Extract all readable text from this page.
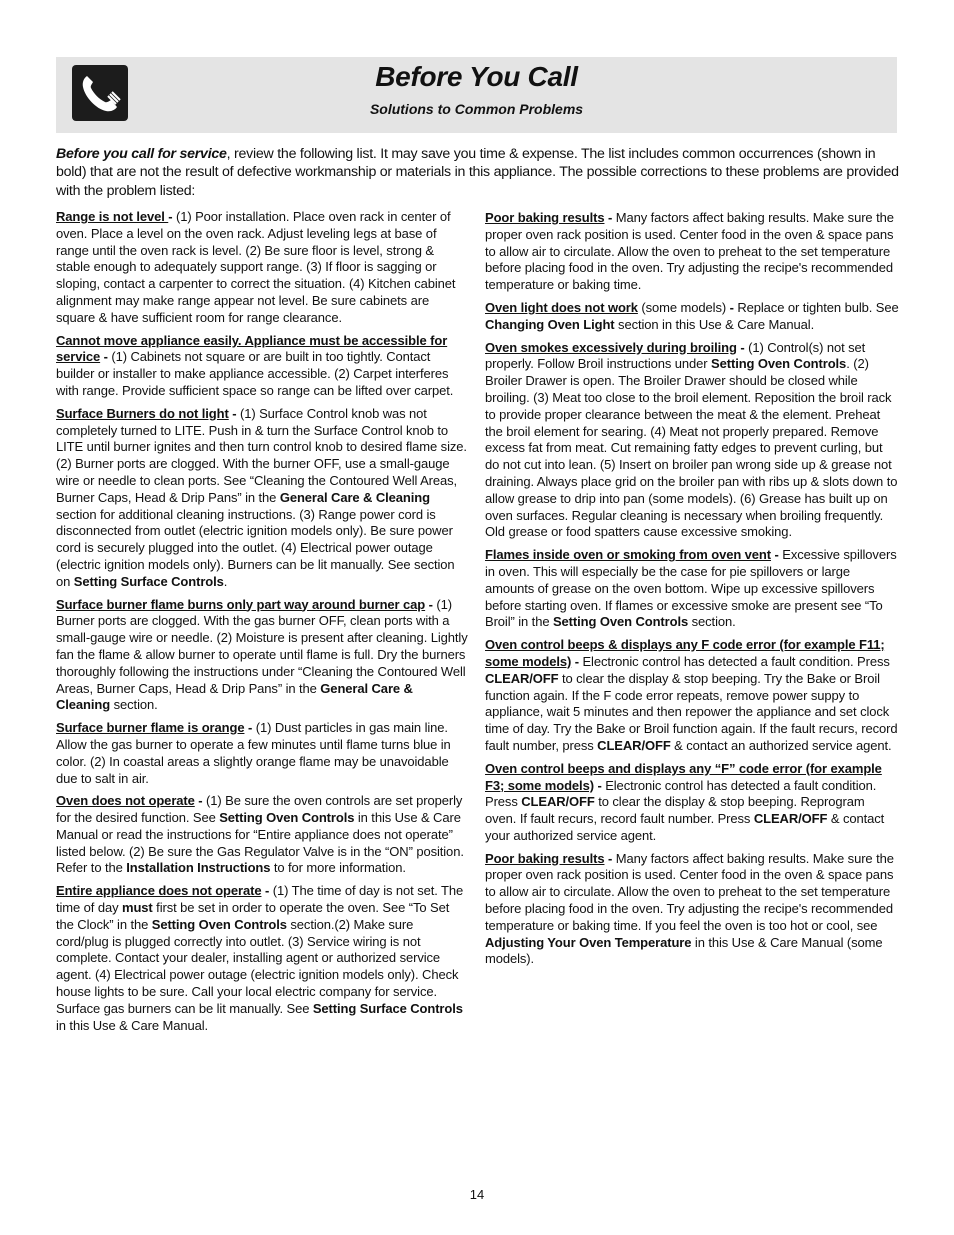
Before You Call
Solutions to Common Problems
Before you call for service, review the following list. It may save you time & expense. The list includes common occurrences (shown in bold) that are not the result of defective workmanship or materials in this appliance. The possible corrections to these problems are provided with the problem listed:

Range is not level - (1) Poor installation. Place oven rack in center of oven. Place a level on the oven rack. Adjust leveling legs at base of range until the oven rack is level. (2) Be sure floor is level, strong & stable enough to adequately support range. (3) If floor is sagging or sloping, contact a carpenter to correct the situation. (4) Kitchen cabinet alignment may make range appear not level. Be sure cabinets are square & have sufficient room for range clearance.

Cannot move appliance easily. Appliance must be accessible for service - (1) Cabinets not square or are built in too tightly. Contact builder or installer to make appliance accessible. (2) Carpet interferes with range. Provide sufficient space so range can be lifted over carpet.

Surface Burners do not light - (1) Surface Control knob was not completely turned to LITE. Push in & turn the Surface Control knob to LITE until burner ignites and then turn control knob to desired flame size. (2) Burner ports are clogged. With the burner OFF, use a small-gauge wire or needle to clean ports. See “Cleaning the Contoured Well Areas, Burner Caps, Head & Drip Pans” in the General Care & Cleaning section for additional cleaning instructions. (3) Range power cord is disconnected from outlet (electric ignition models only). Be sure power cord is securely plugged into the outlet. (4) Electrical power outage (electric ignition models only). Burners can be lit manually. See section on Setting Surface Controls.

Surface burner flame burns only part way around burner cap - (1) Burner ports are clogged. With the gas burner OFF, clean ports with a small-gauge wire or needle. (2) Moisture is present after cleaning. Lightly fan the flame & allow burner to operate until flame is full. Dry the burners thoroughly following the instructions under “Cleaning the Contoured Well Areas, Burner Caps, Head & Drip Pans” in the General Care & Cleaning section.

Surface burner flame is orange - (1) Dust particles in gas main line. Allow the gas burner to operate a few minutes until flame turns blue in color. (2) In coastal areas a slightly orange flame may be unavoidable due to salt in air.

Oven does not operate - (1) Be sure the oven controls are set properly for the desired function. See Setting Oven Controls in this Use & Care Manual or read the instructions for “Entire appliance does not operate” listed below. (2) Be sure the Gas Regulator Valve is in the “ON” position. Refer to the Installation Instructions to for more information.

Entire appliance does not operate - (1) The time of day is not set. The time of day must first be set in order to operate the oven. See “To Set the Clock” in the Setting Oven Controls section.(2) Make sure cord/plug is plugged correctly into outlet. (3) Service wiring is not complete. Contact your dealer, installing agent or authorized service agent. (4) Electrical power outage (electric ignition models only). Check house lights to be sure. Call your local electric company for service. Surface gas burners can be lit manually. See Setting Surface Controls in this Use & Care Manual.

Poor baking results - Many factors affect baking results. Make sure the proper oven rack position is used. Center food in the oven & space pans to allow air to circulate. Allow the oven to preheat to the set temperature before placing food in the oven. Try adjusting the recipe's recommended temperature or baking time.

Oven light does not work (some models) - Replace or tighten bulb. See Changing Oven Light section in this Use & Care Manual.

Oven smokes excessively during broiling - (1) Control(s) not set properly. Follow Broil instructions under Setting Oven Controls. (2) Broiler Drawer is open. The Broiler Drawer should be closed while broiling. (3) Meat too close to the broil element. Reposition the broil rack to provide proper clearance between the meat & the element. Preheat the broil element for searing. (4) Meat not properly prepared. Remove excess fat from meat. Cut remaining fatty edges to prevent curling, but do not cut into lean. (5) Insert on broiler pan wrong side up & grease not draining. Always place grid on the broiler pan with ribs up & slots down to allow grease to drip into pan (some models). (6) Grease has built up on oven surfaces. Regular cleaning is necessary when broiling frequently. Old grease or food spatters cause excessive smoking.

Flames inside oven or smoking from oven vent - Excessive spillovers in oven. This will especially be the case for pie spillovers or large amounts of grease on the oven bottom. Wipe up excessive spillovers before starting oven. If flames or excessive smoke are present see “To Broil” in the Setting Oven Controls section.

Oven control beeps & displays any F code error (for example F11; some models) - Electronic control has detected a fault condition. Press CLEAR/OFF to clear the display & stop beeping. Try the Bake or Broil function again. If the F code error repeats, remove power suppy to appliance, wait 5 minutes and then repower the appliance and set clock time of day. Try the Bake or Broil function again. If the fault recurs, record fault number, press CLEAR/OFF & contact an authorized service agent.

Oven control beeps and displays any “F” code error (for example F3; some models) - Electronic control has detected a fault condition. Press CLEAR/OFF to clear the display & stop beeping. Reprogram oven. If fault recurs, record fault number. Press CLEAR/OFF & contact your authorized service agent.

Poor baking results - Many factors affect baking results. Make sure the proper oven rack position is used. Center food in the oven & space pans to allow air to circulate. Allow the oven to preheat to the set temperature before placing food in the oven. Try adjusting the recipe's recommended temperature or baking time. If you feel the oven is too hot or cool, see Adjusting Your Oven Temperature in this Use & Care Manual (some models).

14
